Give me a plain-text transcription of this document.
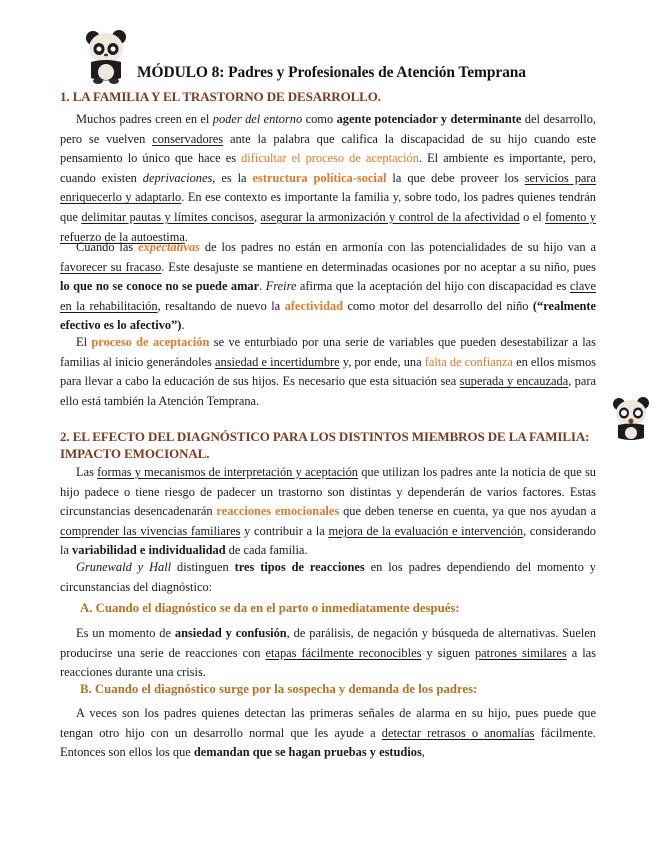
MÓDULO 8: Padres y Profesionales de Atención Temprana
1. LA FAMILIA Y EL TRASTORNO DE DESARROLLO.
Muchos padres creen en el poder del entorno como agente potenciador y determinante del desarrollo, pero se vuelven conservadores ante la palabra que califica la discapacidad de su hijo cuando este pensamiento lo único que hace es dificultar el proceso de aceptación. El ambiente es importante, pero, cuando existen deprivaciones, es la estructura política-social la que debe proveer los servicios para enriquecerlo y adaptarlo. En ese contexto es importante la familia y, sobre todo, los padres quienes tendrán que delimitar pautas y límites concisos, asegurar la armonización y control de la afectividad o el fomento y refuerzo de la autoestima.
Cuando las expectativas de los padres no están en armonía con las potencialidades de su hijo van a favorecer su fracaso. Este desajuste se mantiene en determinadas ocasiones por no aceptar a su niño, pues lo que no se conoce no se puede amar. Freire afirma que la aceptación del hijo con discapacidad es clave en la rehabilitación, resaltando de nuevo la afectividad como motor del desarrollo del niño (“realmente efectivo es lo afectivo”).
El proceso de aceptación se ve enturbiado por una serie de variables que pueden desestabilizar a las familias al inicio generándoles ansiedad e incertidumbre y, por ende, una falta de confianza en ellos mismos para llevar a cabo la educación de sus hijos. Es necesario que esta situación sea superada y encauzada, para ello está también la Atención Temprana.
2. EL EFECTO DEL DIAGNÓSTICO PARA LOS DISTINTOS MIEMBROS DE LA FAMILIA:
IMPACTO EMOCIONAL.
Las formas y mecanismos de interpretación y aceptación que utilizan los padres ante la noticia de que su hijo padece o tiene riesgo de padecer un trastorno son distintas y dependerán de varios factores. Estas circunstancias desencadenarán reacciones emocionales que deben tenerse en cuenta, ya que nos ayudan a comprender las vivencias familiares y contribuir a la mejora de la evaluación e intervención, considerando la variabilidad e individualidad de cada familia.
Grunewald y Hall distinguen tres tipos de reacciones en los padres dependiendo del momento y circunstancias del diagnóstico:
A. Cuando el diagnóstico se da en el parto o inmediatamente después:
Es un momento de ansiedad y confusión, de parálisis, de negación y búsqueda de alternativas. Suelen producirse una serie de reacciones con etapas fácilmente reconocibles y siguen patrones similares a las reacciones durante una crisis.
B. Cuando el diagnóstico surge por la sospecha y demanda de los padres:
A veces son los padres quienes detectan las primeras señales de alarma en su hijo, pues puede que tengan otro hijo con un desarrollo normal que les ayude a detectar retrasos o anomalías fácilmente. Entonces son ellos los que demandan que se hagan pruebas y estudios,
